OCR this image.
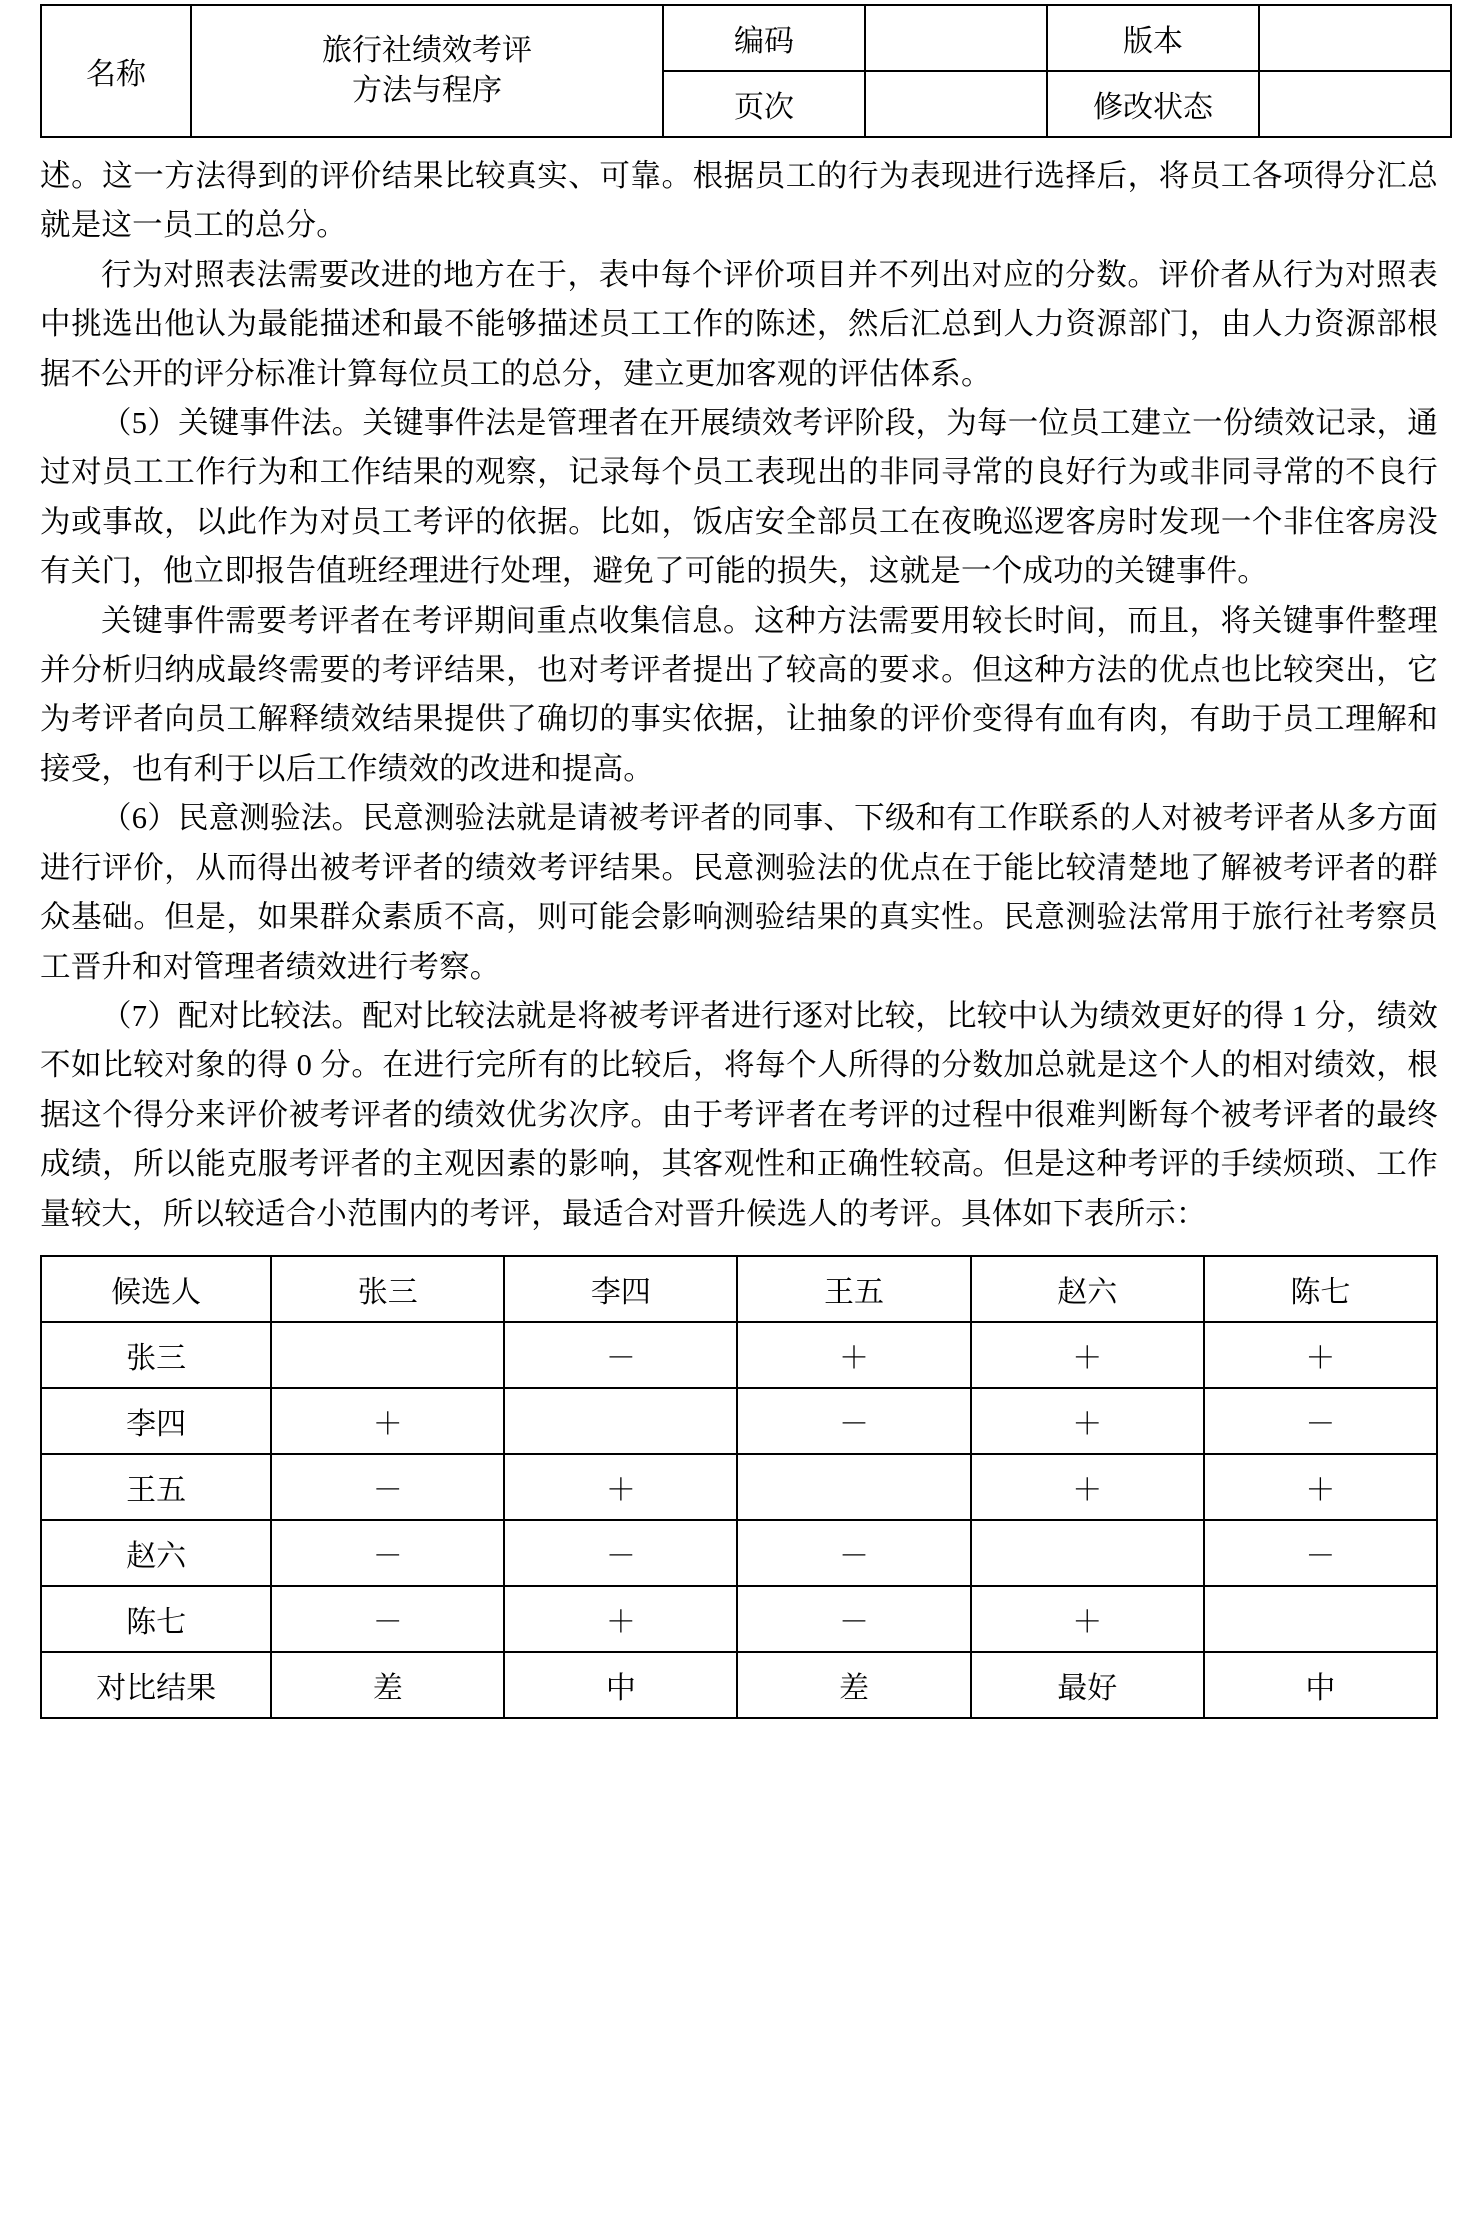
名称	旅行社绩效考评
方法与程序	编码		版本	
		页次		修改状态	

述。这一方法得到的评价结果比较真实、可靠。根据员工的行为表现进行选择后，将员工各项得分汇总就是这一员工的总分。

行为对照表法需要改进的地方在于，表中每个评价项目并不列出对应的分数。评价者从行为对照表中挑选出他认为最能描述和最不能够描述员工工作的陈述，然后汇总到人力资源部门，由人力资源部根据不公开的评分标准计算每位员工的总分，建立更加客观的评估体系。

（5）关键事件法。关键事件法是管理者在开展绩效考评阶段，为每一位员工建立一份绩效记录，通过对员工工作行为和工作结果的观察，记录每个员工表现出的非同寻常的良好行为或非同寻常的不良行为或事故，以此作为对员工考评的依据。比如，饭店安全部员工在夜晚巡逻客房时发现一个非住客房没有关门，他立即报告值班经理进行处理，避免了可能的损失，这就是一个成功的关键事件。

关键事件需要考评者在考评期间重点收集信息。这种方法需要用较长时间，而且，将关键事件整理并分析归纳成最终需要的考评结果，也对考评者提出了较高的要求。但这种方法的优点也比较突出，它为考评者向员工解释绩效结果提供了确切的事实依据，让抽象的评价变得有血有肉，有助于员工理解和接受，也有利于以后工作绩效的改进和提高。

（6）民意测验法。民意测验法就是请被考评者的同事、下级和有工作联系的人对被考评者从多方面进行评价，从而得出被考评者的绩效考评结果。民意测验法的优点在于能比较清楚地了解被考评者的群众基础。但是，如果群众素质不高，则可能会影响测验结果的真实性。民意测验法常用于旅行社考察员工晋升和对管理者绩效进行考察。

（7）配对比较法。配对比较法就是将被考评者进行逐对比较，比较中认为绩效更好的得 1 分，绩效不如比较对象的得 0 分。在进行完所有的比较后，将每个人所得的分数加总就是这个人的相对绩效，根据这个得分来评价被考评者的绩效优劣次序。由于考评者在考评的过程中很难判断每个被考评者的最终成绩，所以能克服考评者的主观因素的影响，其客观性和正确性较高。但是这种考评的手续烦琐、工作量较大，所以较适合小范围内的考评，最适合对晋升候选人的考评。具体如下表所示：

候选人	张三	李四	王五	赵六	陈七
张三		－	＋	＋	＋
李四	＋		－	＋	－
王五	－	＋		＋	＋
赵六	－	－	－		－
陈七	－	＋	－	＋	
对比结果	差	中	差	最好	中
